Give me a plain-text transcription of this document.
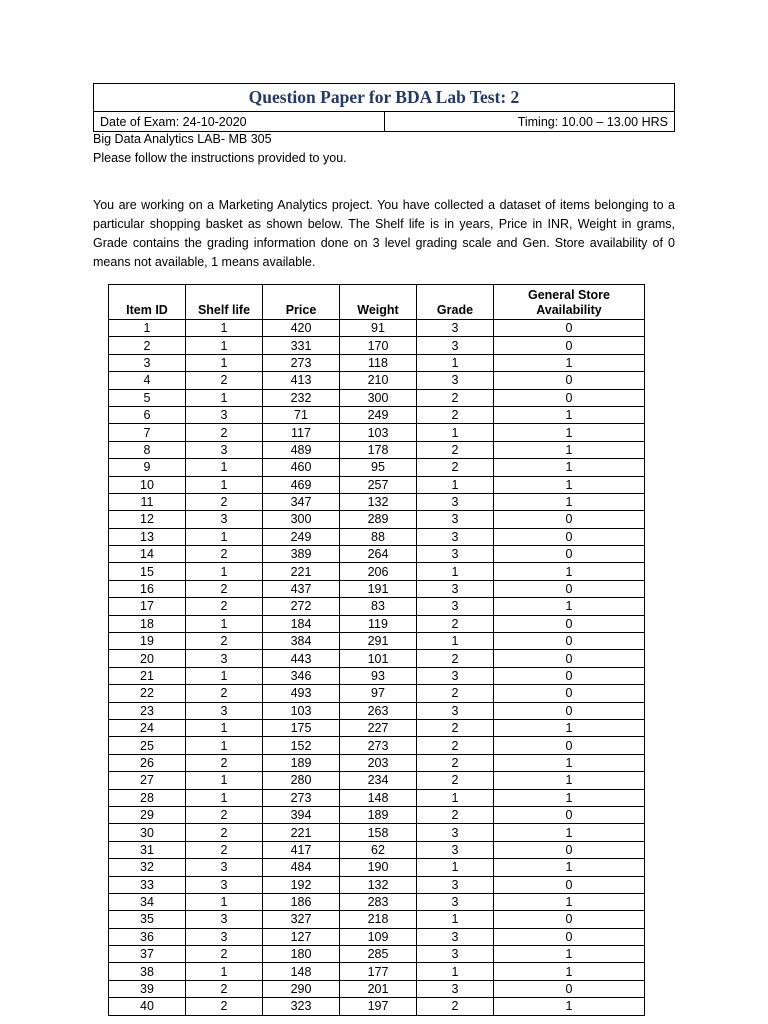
Question Paper for BDA Lab Test: 2
Date of Exam: 24-10-2020	Timing: 10.00 – 13.00 HRS
Big Data Analytics LAB- MB 305
Please follow the instructions provided to you.
You are working on a Marketing Analytics project. You have collected a dataset of items belonging to a particular shopping basket as shown below. The Shelf life is in years, Price in INR, Weight in grams, Grade contains the grading information done on 3 level grading scale and Gen. Store availability of 0 means not available, 1 means available.
Item ID	Shelf life	Price	Weight	Grade	General Store Availability
1	1	420	91	3	0
2	1	331	170	3	0
3	1	273	118	1	1
4	2	413	210	3	0
5	1	232	300	2	0
6	3	71	249	2	1
7	2	117	103	1	1
8	3	489	178	2	1
9	1	460	95	2	1
10	1	469	257	1	1
11	2	347	132	3	1
12	3	300	289	3	0
13	1	249	88	3	0
14	2	389	264	3	0
15	1	221	206	1	1
16	2	437	191	3	0
17	2	272	83	3	1
18	1	184	119	2	0
19	2	384	291	1	0
20	3	443	101	2	0
21	1	346	93	3	0
22	2	493	97	2	0
23	3	103	263	3	0
24	1	175	227	2	1
25	1	152	273	2	0
26	2	189	203	2	1
27	1	280	234	2	1
28	1	273	148	1	1
29	2	394	189	2	0
30	2	221	158	3	1
31	2	417	62	3	0
32	3	484	190	1	1
33	3	192	132	3	0
34	1	186	283	3	1
35	3	327	218	1	0
36	3	127	109	3	0
37	2	180	285	3	1
38	1	148	177	1	1
39	2	290	201	3	0
40	2	323	197	2	1
